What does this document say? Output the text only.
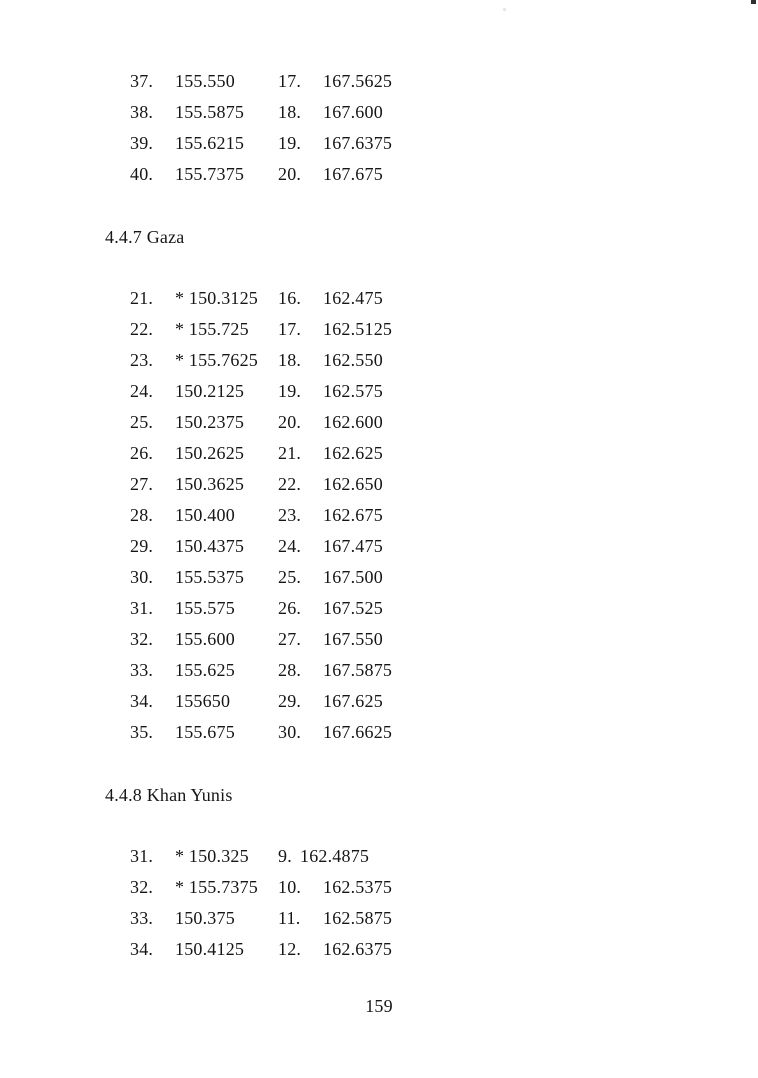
37. 155.550 17. 167.5625
38. 155.5875 18. 167.600
39. 155.6215 19. 167.6375
40. 155.7375 20. 167.675
4.4.7 Gaza
21. * 150.3125 16. 162.475
22. * 155.725 17. 162.5125
23. * 155.7625 18. 162.550
24. 150.2125 19. 162.575
25. 150.2375 20. 162.600
26. 150.2625 21. 162.625
27. 150.3625 22. 162.650
28. 150.400 23. 162.675
29. 150.4375 24. 167.475
30. 155.5375 25. 167.500
31. 155.575 26. 167.525
32. 155.600 27. 167.550
33. 155.625 28. 167.5875
34. 155650	29. 167.625
35. 155.675 30. 167.6625
4.4.8 Khan Yunis
31. * 150.325 9. 162.4875
32. * 155.7375 10. 162.5375
33. 150.375 11. 162.5875
34. 150.4125 12. 162.6375
159
